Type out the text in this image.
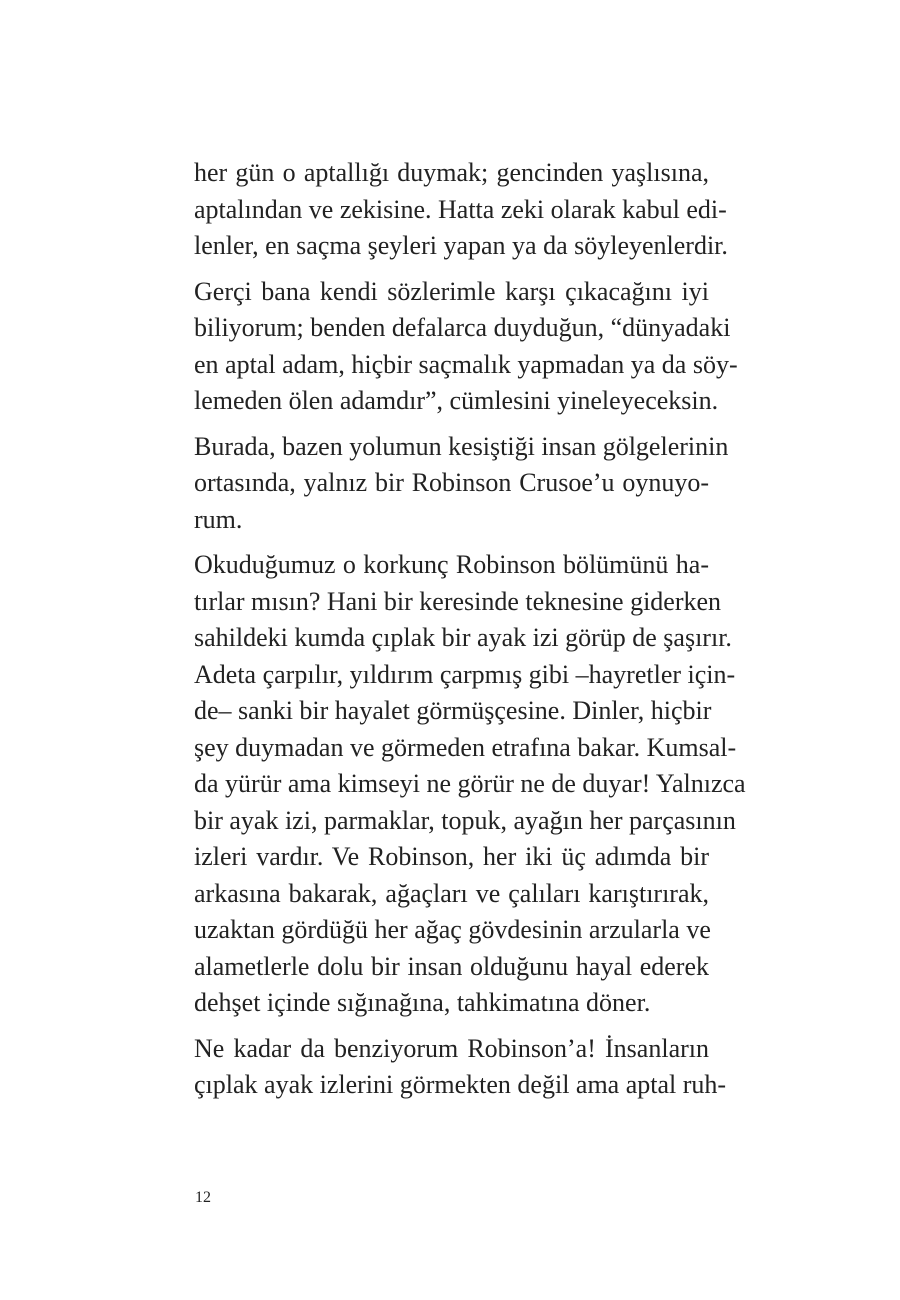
her gün o aptallığı duymak; gencinden yaşlısına,
aptalından ve zekisine. Hatta zeki olarak kabul edi-
lenler, en saçma şeyleri yapan ya da söyleyenlerdir.
Gerçi bana kendi sözlerimle karşı çıkacağını iyi
biliyorum; benden defalarca duyduğun, “dünyadaki
en aptal adam, hiçbir saçmalık yapmadan ya da söy-
lemeden ölen adamdır”, cümlesini yineleyeceksin.
Burada, bazen yolumun kesiştiği insan gölgelerinin
ortasında, yalnız bir Robinson Crusoe’u oynuyo-
rum.
Okuduğumuz o korkunç Robinson bölümünü ha-
tırlar mısın? Hani bir keresinde teknesine giderken
sahildeki kumda çıplak bir ayak izi görüp de şaşırır.
Adeta çarpılır, yıldırım çarpmış gibi –hayretler için-
de– sanki bir hayalet görmüşçesine. Dinler, hiçbir
şey duymadan ve görmeden etrafına bakar. Kumsal-
da yürür ama kimseyi ne görür ne de duyar! Yalnızca
bir ayak izi, parmaklar, topuk, ayağın her parçasının
izleri vardır. Ve Robinson, her iki üç adımda bir
arkasına bakarak, ağaçları ve çalıları karıştırırak,
uzaktan gördüğü her ağaç gövdesinin arzularla ve
alametlerle dolu bir insan olduğunu hayal ederek
dehşet içinde sığınağına, tahkimatına döner.
Ne kadar da benziyorum Robinson’a! İnsanların
çıplak ayak izlerini görmekten değil ama aptal ruh-
12
